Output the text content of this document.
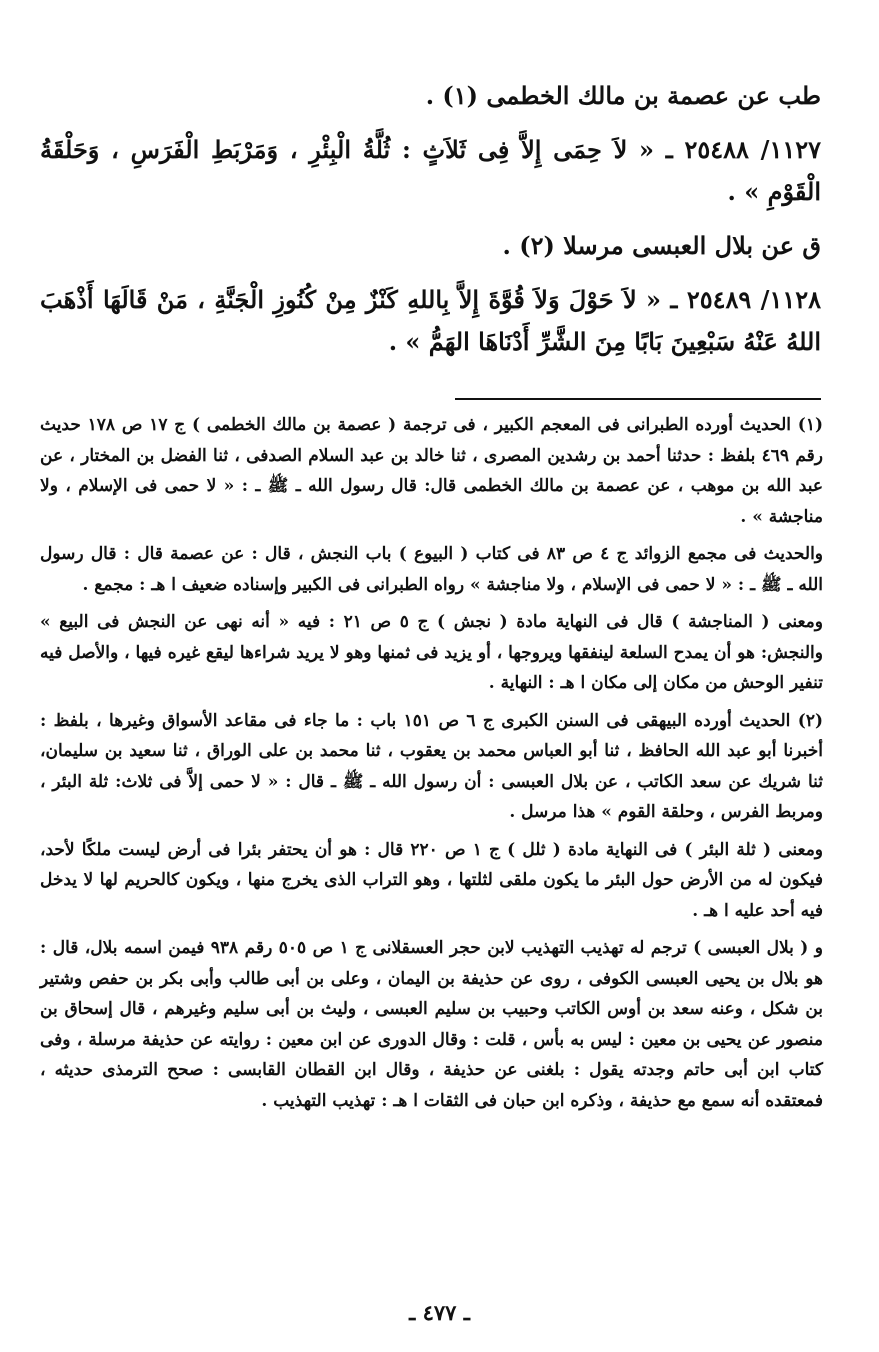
طب عن عصمة بن مالك الخطمى (١) .

١١٢٧/ ٢٥٤٨٨ ـ « لاَ حِمَى إِلاَّ فِى ثَلاَثٍ : ثُلَّةُ الْبِئْرِ ، وَمَرْبَطِ الْفَرَسِ ، وَحَلْقَةُ الْقَوْمِ » .

ق عن بلال العبسى مرسلا (٢) .

١١٢٨/ ٢٥٤٨٩ ـ « لاَ حَوْلَ وَلاَ قُوَّةَ إِلاَّ بِاللهِ كَنْزٌ مِنْ كُنُوزِ الْجَنَّةِ ، مَنْ قَالَهَا أَذْهَبَ اللهُ عَنْهُ سَبْعِينَ بَابًا مِنَ الشَّرِّ أَدْنَاهَا الهَمُّ » .

(١) الحديث أورده الطبرانى فى المعجم الكبير ، فى ترجمة ( عصمة بن مالك الخطمى ) ج ١٧ ص ١٧٨ حديث رقم ٤٦٩ بلفظ : حدثنا أحمد بن رشدين المصرى ، ثنا خالد بن عبد السلام الصدفى ، ثنا الفضل بن المختار ، عن عبد الله بن موهب ، عن عصمة بن مالك الخطمى قال: قال رسول الله ـ ﷺ ـ : « لا حمى فى الإسلام ، ولا مناجشة » .

والحديث فى مجمع الزوائد ج ٤ ص ٨٣ فى كتاب ( البيوع ) باب النجش ، قال : عن عصمة قال : قال رسول الله ـ ﷺ ـ : « لا حمى فى الإسلام ، ولا مناجشة » رواه الطبرانى فى الكبير وإسناده ضعيف ا هـ : مجمع .

ومعنى ( المناجشة ) قال فى النهاية مادة ( نجش ) ج ٥ ص ٢١ : فيه « أنه نهى عن النجش فى البيع » والنجش: هو أن يمدح السلعة لينفقها ويروجها ، أو يزيد فى ثمنها وهو لا يريد شراءها ليقع غيره فيها ، والأصل فيه تنفير الوحش من مكان إلى مكان ا هـ : النهاية .

(٢) الحديث أورده البيهقى فى السنن الكبرى ج ٦ ص ١٥١ باب : ما جاء فى مقاعد الأسواق وغيرها ، بلفظ : أخبرنا أبو عبد الله الحافظ ، ثنا أبو العباس محمد بن يعقوب ، ثنا محمد بن على الوراق ، ثنا سعيد بن سليمان، ثنا شريك عن سعد الكاتب ، عن بلال العبسى : أن رسول الله ـ ﷺ ـ قال : « لا حمى إلاَّ فى ثلاث: ثلة البئر ، ومربط الفرس ، وحلقة القوم » هذا مرسل .

ومعنى ( ثلة البئر ) فى النهاية مادة ( ثلل ) ج ١ ص ٢٢٠ قال : هو أن يحتفر بئرا فى أرض ليست ملكًا لأحد، فيكون له من الأرض حول البئر ما يكون ملقى لثلتها ، وهو التراب الذى يخرج منها ، ويكون كالحريم لها لا يدخل فيه أحد عليه ا هـ .

و ( بلال العبسى ) ترجم له تهذيب التهذيب لابن حجر العسقلانى ج ١ ص ٥٠٥ رقم ٩٣٨ فيمن اسمه بلال، قال : هو بلال بن يحيى العبسى الكوفى ، روى عن حذيفة بن اليمان ، وعلى بن أبى طالب وأبى بكر بن حفص وشتير بن شكل ، وعنه سعد بن أوس الكاتب وحبيب بن سليم العبسى ، وليث بن أبى سليم وغيرهم ، قال إسحاق بن منصور عن يحيى بن معين : ليس به بأس ، قلت : وقال الدورى عن ابن معين : روايته عن حذيفة مرسلة ، وفى كتاب ابن أبى حاتم وجدته يقول : بلغنى عن حذيفة ، وقال ابن القطان القابسى : صحح الترمذى حديثه ، فمعتقده أنه سمع مع حذيفة ، وذكره ابن حبان فى الثقات ا هـ : تهذيب التهذيب .

ـ ٤٧٧ ـ
